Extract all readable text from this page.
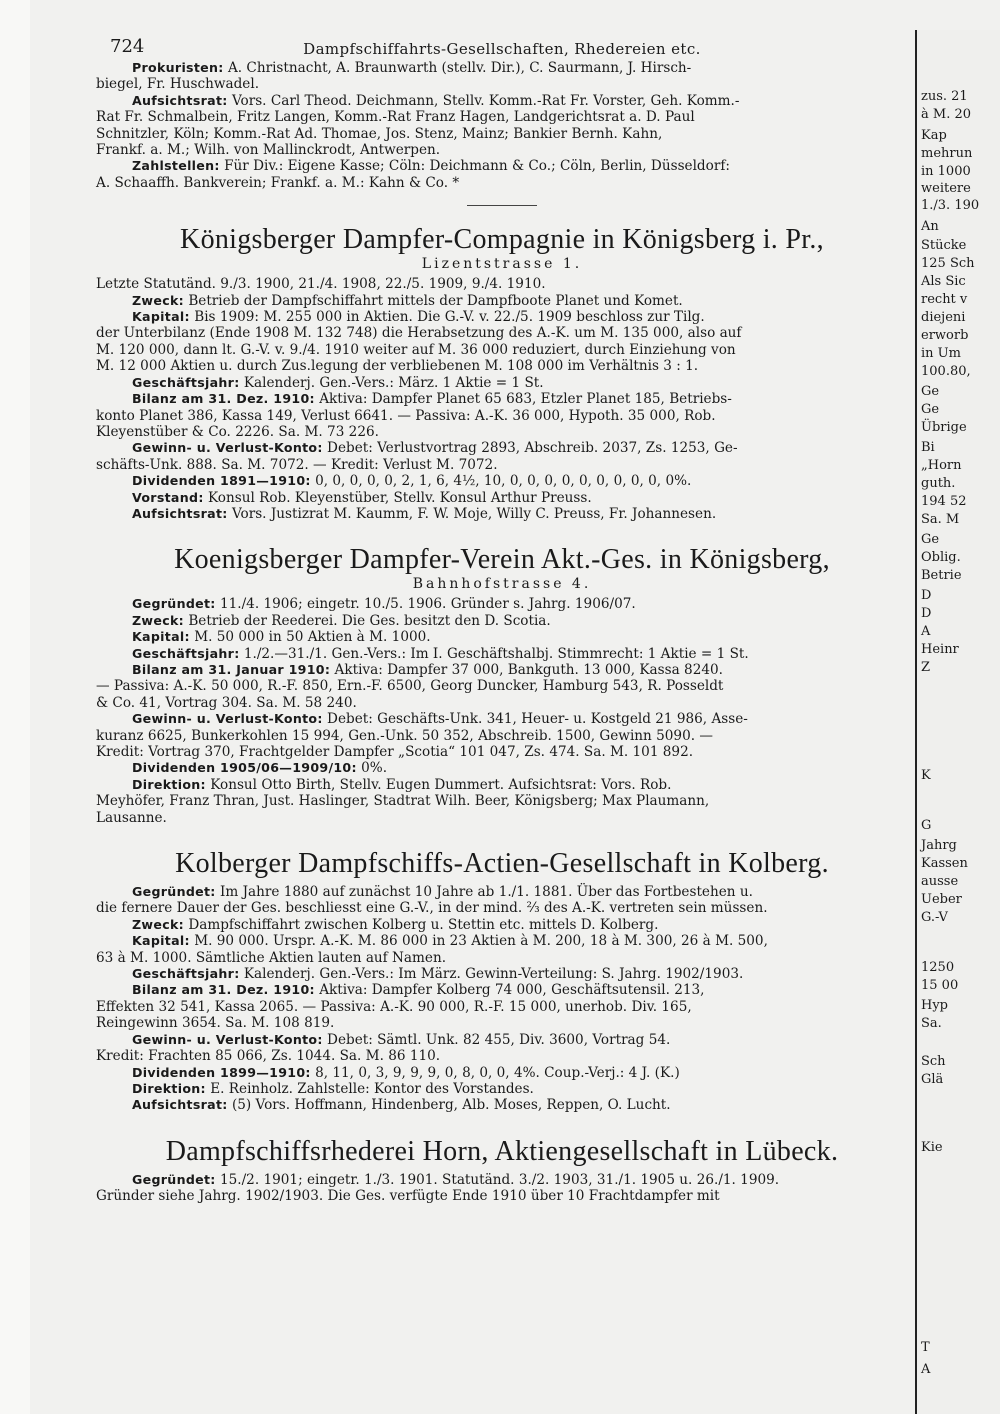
724	Dampfschiffahrts-Gesellschaften, Rhedereien etc.

Prokuristen: A. Christnacht, A. Braunwarth (stellv. Dir.), C. Saurmann, J. Hirsch-

biegel, Fr. Huschwadel.

Aufsichtsrat: Vors. Carl Theod. Deichmann, Stellv. Komm.-Rat Fr. Vorster, Geh. Komm.-

Rat Fr. Schmalbein, Fritz Langen, Komm.-Rat Franz Hagen, Landgerichtsrat a. D. Paul

Schnitzler, Köln; Komm.-Rat Ad. Thomae, Jos. Stenz, Mainz; Bankier Bernh. Kahn,

Frankf. a. M.; Wilh. von Mallinckrodt, Antwerpen.

Zahlstellen: Für Div.: Eigene Kasse; Cöln: Deichmann & Co.; Cöln, Berlin, Düsseldorf:

A. Schaaffh. Bankverein; Frankf. a. M.: Kahn & Co. *

Königsberger Dampfer-Compagnie in Königsberg i. Pr.,

Lizentstrasse 1.

Letzte Statutänd. 9./3. 1900, 21./4. 1908, 22./5. 1909, 9./4. 1910.

Zweck: Betrieb der Dampfschiffahrt mittels der Dampfboote Planet und Komet.

Kapital: Bis 1909: M. 255 000 in Aktien. Die G.-V. v. 22./5. 1909 beschloss zur Tilg.

der Unterbilanz (Ende 1908 M. 132 748) die Herabsetzung des A.-K. um M. 135 000, also auf

M. 120 000, dann lt. G.-V. v. 9./4. 1910 weiter auf M. 36 000 reduziert, durch Einziehung von

M. 12 000 Aktien u. durch Zus.legung der verbliebenen M. 108 000 im Verhältnis 3 : 1.

Geschäftsjahr: Kalenderj. Gen.-Vers.: März. 1 Aktie = 1 St.

Bilanz am 31. Dez. 1910: Aktiva: Dampfer Planet 65 683, Etzler Planet 185, Betriebs-

konto Planet 386, Kassa 149, Verlust 6641. — Passiva: A.-K. 36 000, Hypoth. 35 000, Rob.

Kleyenstüber & Co. 2226. Sa. M. 73 226.

Gewinn- u. Verlust-Konto: Debet: Verlustvortrag 2893, Abschreib. 2037, Zs. 1253, Ge-

schäfts-Unk. 888. Sa. M. 7072. — Kredit: Verlust M. 7072.

Dividenden 1891—1910: 0, 0, 0, 0, 0, 2, 1, 6, 4½, 10, 0, 0, 0, 0, 0, 0, 0, 0, 0, 0%.

Vorstand: Konsul Rob. Kleyenstüber, Stellv. Konsul Arthur Preuss.

Aufsichtsrat: Vors. Justizrat M. Kaumm, F. W. Moje, Willy C. Preuss, Fr. Johannesen.

Koenigsberger Dampfer-Verein Akt.-Ges. in Königsberg,

Bahnhofstrasse 4.

Gegründet: 11./4. 1906; eingetr. 10./5. 1906. Gründer s. Jahrg. 1906/07.

Zweck: Betrieb der Reederei. Die Ges. besitzt den D. Scotia.

Kapital: M. 50 000 in 50 Aktien à M. 1000.

Geschäftsjahr: 1./2.—31./1. Gen.-Vers.: Im I. Geschäftshalbj. Stimmrecht: 1 Aktie = 1 St.

Bilanz am 31. Januar 1910: Aktiva: Dampfer 37 000, Bankguth. 13 000, Kassa 8240.

— Passiva: A.-K. 50 000, R.-F. 850, Ern.-F. 6500, Georg Duncker, Hamburg 543, R. Posseldt

& Co. 41, Vortrag 304. Sa. M. 58 240.

Gewinn- u. Verlust-Konto: Debet: Geschäfts-Unk. 341, Heuer- u. Kostgeld 21 986, Asse-

kuranz 6625, Bunkerkohlen 15 994, Gen.-Unk. 50 352, Abschreib. 1500, Gewinn 5090. —

Kredit: Vortrag 370, Frachtgelder Dampfer „Scotia“ 101 047, Zs. 474. Sa. M. 101 892.

Dividenden 1905/06—1909/10: 0%.

Direktion: Konsul Otto Birth, Stellv. Eugen Dummert. Aufsichtsrat: Vors. Rob.

Meyhöfer, Franz Thran, Just. Haslinger, Stadtrat Wilh. Beer, Königsberg; Max Plaumann,

Lausanne.

Kolberger Dampfschiffs-Actien-Gesellschaft in Kolberg.

Gegründet: Im Jahre 1880 auf zunächst 10 Jahre ab 1./1. 1881. Über das Fortbestehen u.

die fernere Dauer der Ges. beschliesst eine G.-V., in der mind. ⅔ des A.-K. vertreten sein müssen.

Zweck: Dampfschiffahrt zwischen Kolberg u. Stettin etc. mittels D. Kolberg.

Kapital: M. 90 000. Urspr. A.-K. M. 86 000 in 23 Aktien à M. 200, 18 à M. 300, 26 à M. 500,

63 à M. 1000. Sämtliche Aktien lauten auf Namen.

Geschäftsjahr: Kalenderj. Gen.-Vers.: Im März. Gewinn-Verteilung: S. Jahrg. 1902/1903.

Bilanz am 31. Dez. 1910: Aktiva: Dampfer Kolberg 74 000, Geschäftsutensil. 213,

Effekten 32 541, Kassa 2065. — Passiva: A.-K. 90 000, R.-F. 15 000, unerhob. Div. 165,

Reingewinn 3654. Sa. M. 108 819.

Gewinn- u. Verlust-Konto: Debet: Sämtl. Unk. 82 455, Div. 3600, Vortrag 54.

Kredit: Frachten 85 066, Zs. 1044. Sa. M. 86 110.

Dividenden 1899—1910: 8, 11, 0, 3, 9, 9, 9, 0, 8, 0, 0, 4%. Coup.-Verj.: 4 J. (K.)

Direktion: E. Reinholz. Zahlstelle: Kontor des Vorstandes.

Aufsichtsrat: (5) Vors. Hoffmann, Hindenberg, Alb. Moses, Reppen, O. Lucht.

Dampfschiffsrhederei Horn, Aktiengesellschaft in Lübeck.

Gegründet: 15./2. 1901; eingetr. 1./3. 1901. Statutänd. 3./2. 1903, 31./1. 1905 u. 26./1. 1909.

Gründer siehe Jahrg. 1902/1903. Die Ges. verfügte Ende 1910 über 10 Frachtdampfer mit

zus. 21
à M. 20
Kap
mehrun
in 1000
weitere
1./3. 190
An
Stücke
125 Sch
Als Sic
recht v
diejeni
erworb
in Um
100.80,
Ge
Ge
Übrige
Bi
„Horn
guth.
194 52
Sa. M
Ge
Oblig.
Betrie
D
D
A
Heinr
Z
K
G
Jahrg
Kassen
ausse
Ueber
G.-V
1250
15 00
Hyp
Sa.
Sch
Glä
Kie
T
A
